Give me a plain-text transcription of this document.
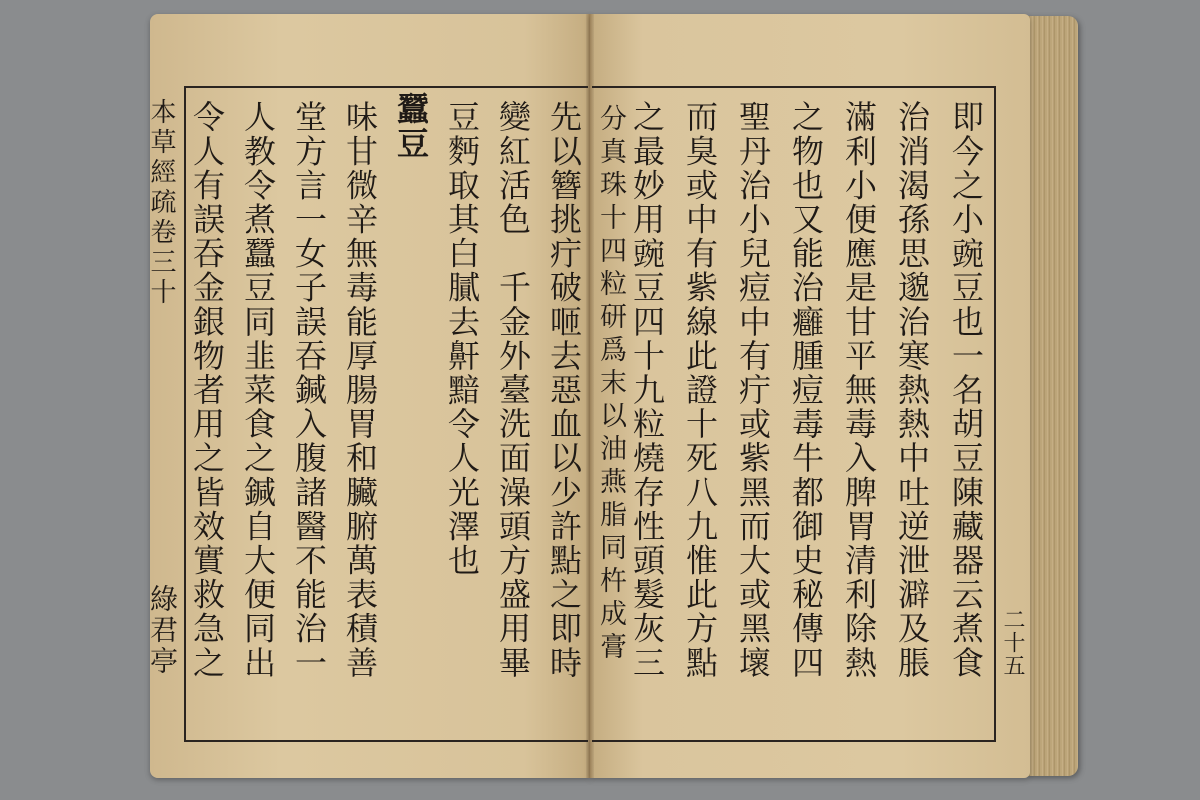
本草經疏卷三十
綠君亭	二十五
即今之小豌豆也一名胡豆陳藏器云煮食
治消渴孫思邈治寒熱熱中吐逆泄澼及脹
滿利小便應是甘平無毒入脾胃清利除熱
之物也又能治癰腫痘毒牛都御史秘傳四
聖丹治小兒痘中有疔或紫黑而大或黑壞
而臭或中有紫線此證十死八九惟此方點
之最妙用豌豆四十九粒燒存性頭髮灰三
分真珠十四粒研爲末以油燕脂同杵成膏
先以簪挑疔破咂去惡血以少許點之即時
變紅活色　千金外臺洗面澡頭方盛用畢
豆麪取其白膩去鼾黯令人光澤也
蠶豆
味甘微辛無毒能厚腸胃和臟腑萬表積善
堂方言一女子誤吞鍼入腹諸醫不能治一
人教令煮蠶豆同韭菜食之鍼自大便同出
令人有誤吞金銀物者用之皆效實救急之
